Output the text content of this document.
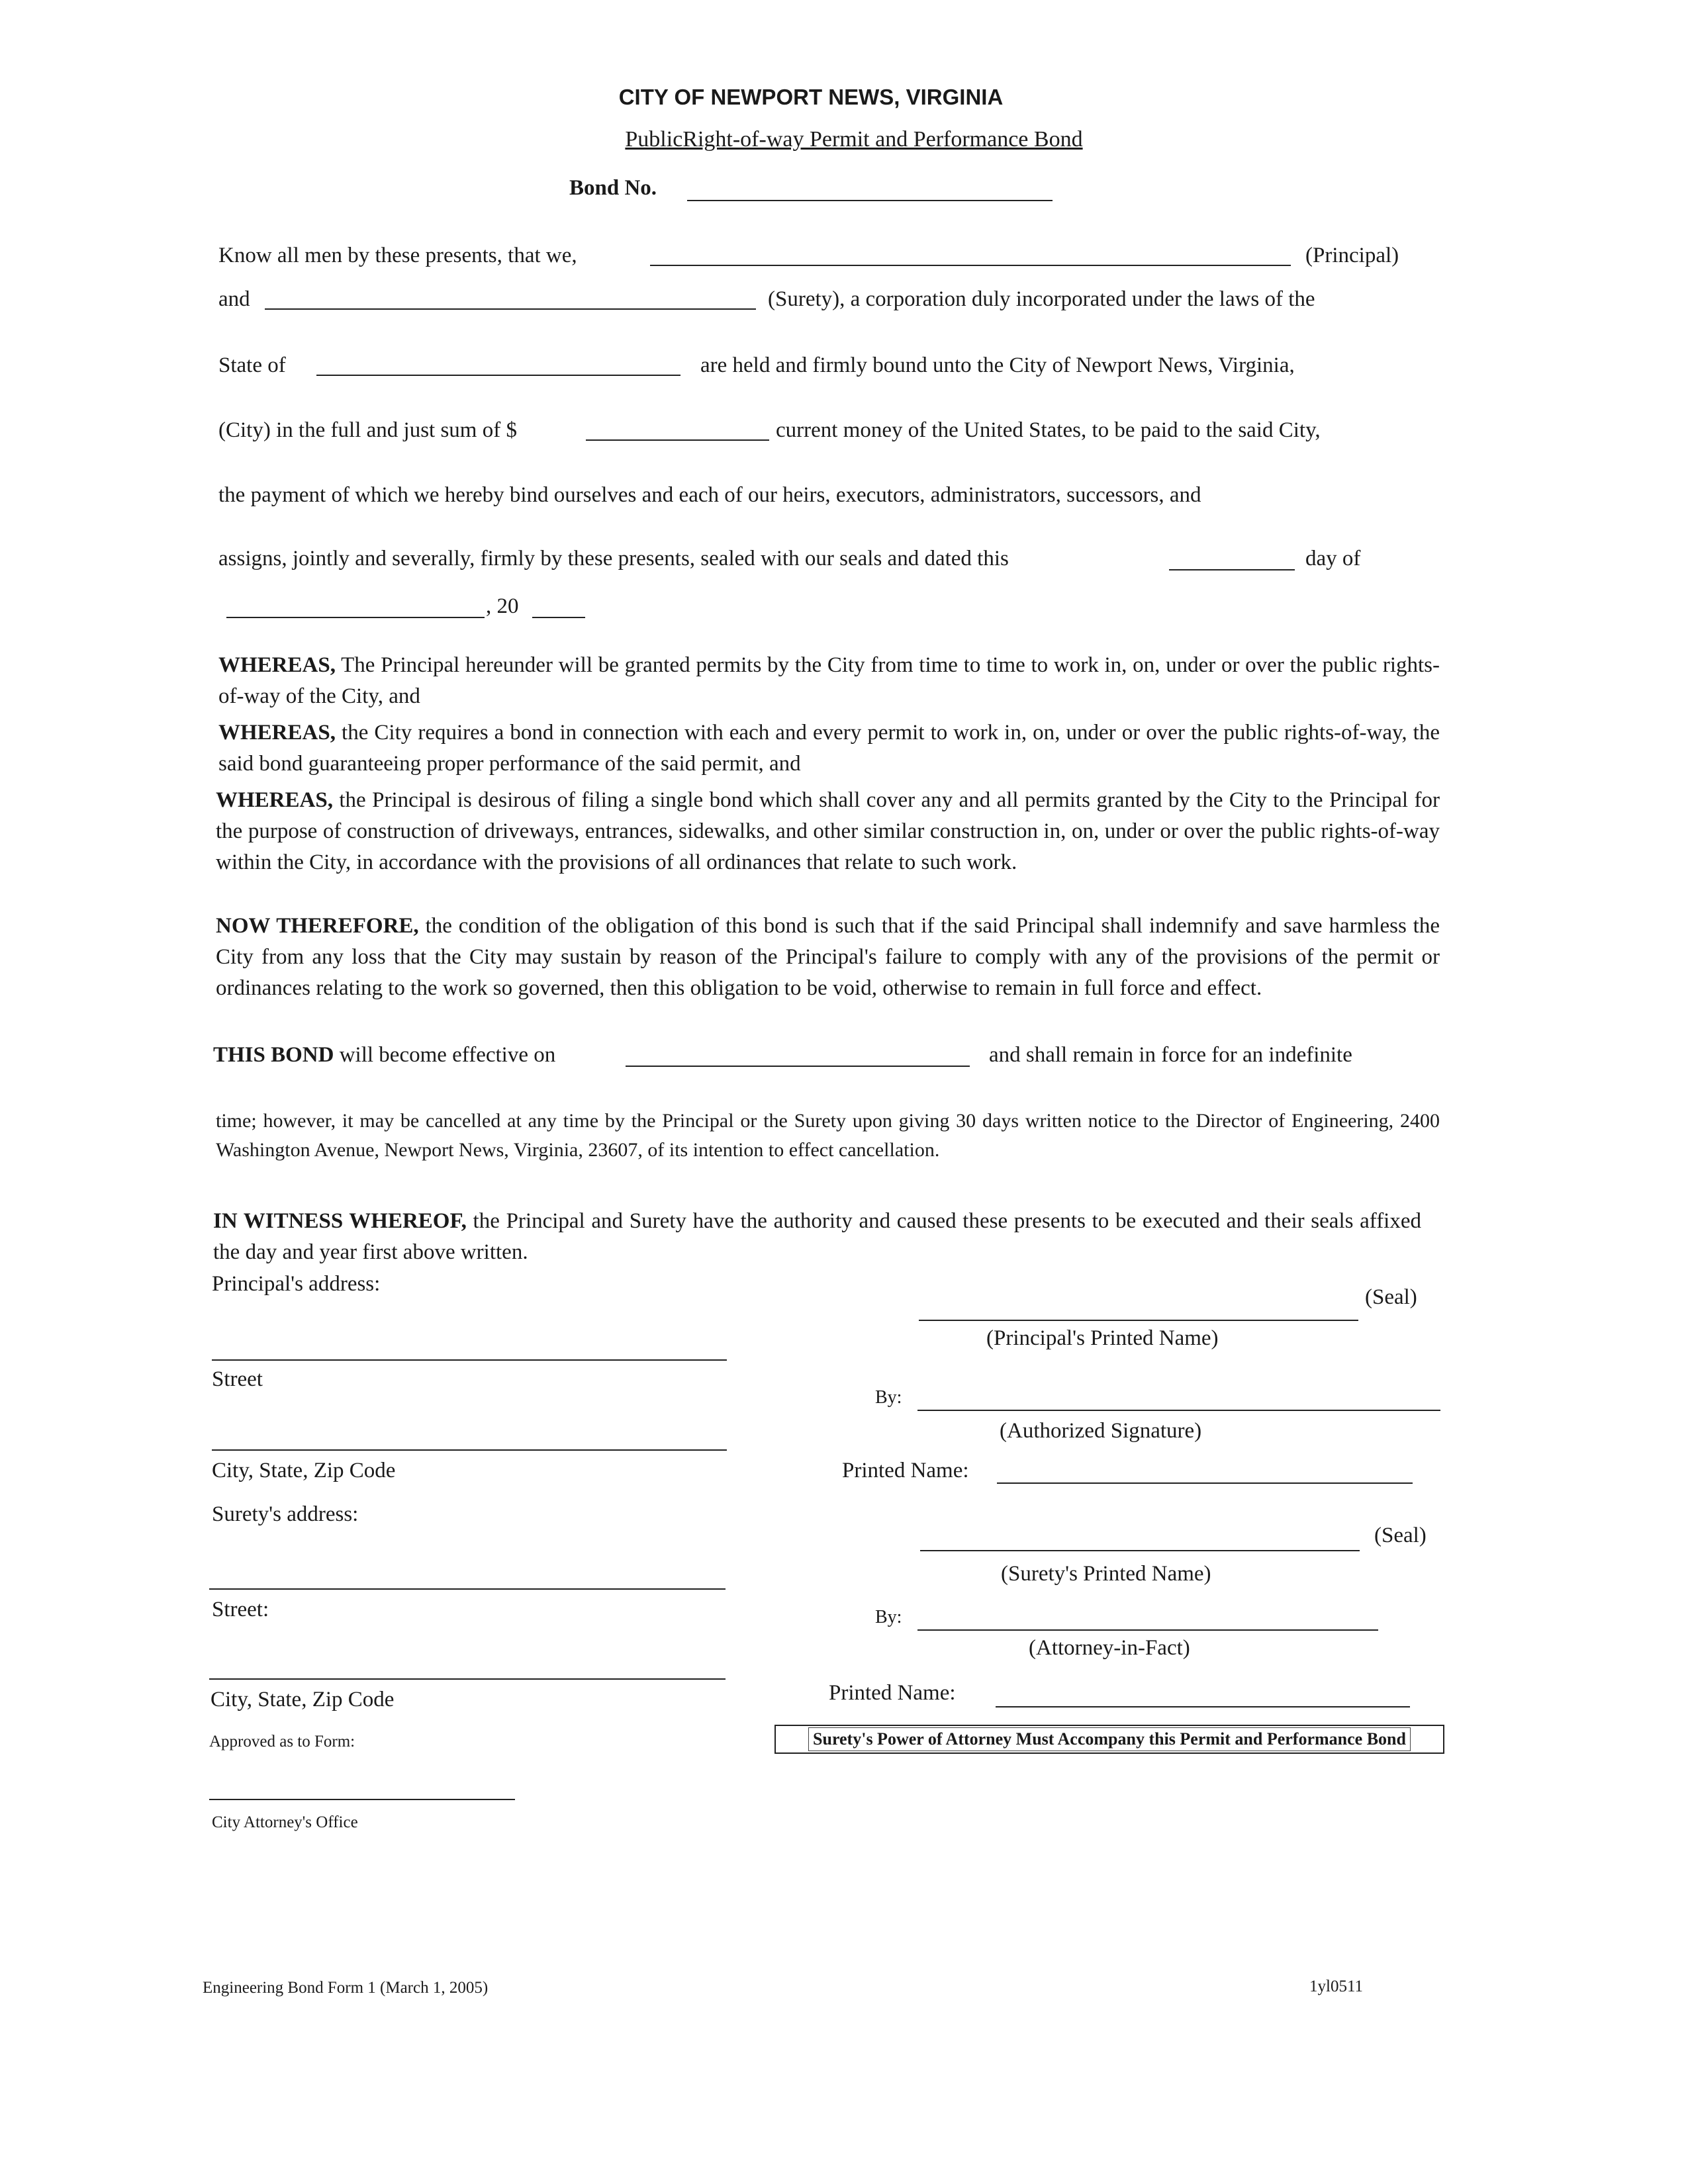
CITY OF NEWPORT NEWS, VIRGINIA
PublicRight-of-way Permit and Performance Bond
Bond No.
Know all men by these presents, that we,	(Principal)
and	(Surety), a corporation duly incorporated under the laws of the
State of	are held and firmly bound unto the City of Newport News, Virginia,
(City) in the full and just sum of $	current money of the United States, to be paid to the said City,
the payment of which we hereby bind ourselves and each of our heirs, executors, administrators, successors, and
assigns, jointly and severally, firmly by these presents, sealed with our seals and dated this	day of
, 20
WHEREAS, The Principal hereunder will be granted permits by the City from time to time to work in, on, under or over the public rights-of-way of the City, and
WHEREAS, the City requires a bond in connection with each and every permit to work in, on, under or over the public rights-of-way, the said bond guaranteeing proper performance of the said permit, and
WHEREAS, the Principal is desirous of filing a single bond which shall cover any and all permits granted by the City to the Principal for the purpose of construction of driveways, entrances, sidewalks, and other similar construction in, on, under or over the public rights-of-way within the City, in accordance with the provisions of all ordinances that relate to such work.
NOW THEREFORE, the condition of the obligation of this bond is such that if the said Principal shall indemnify and save harmless the City from any loss that the City may sustain by reason of the Principal's failure to comply with any of the provisions of the permit or ordinances relating to the work so governed, then this obligation to be void, otherwise to remain in full force and effect.
THIS BOND will become effective on	and shall remain in force for an indefinite
time; however, it may be cancelled at any time by the Principal or the Surety upon giving 30 days written notice to the Director of Engineering, 2400 Washington Avenue, Newport News, Virginia, 23607, of its intention to effect cancellation.
IN WITNESS WHEREOF, the Principal and Surety have the authority and caused these presents to be executed and their seals affixed the day and year first above written.
Principal's address:
Street
City, State, Zip Code
Surety's address:
Street:
City, State, Zip Code
Approved as to Form:
City Attorney's Office
(Seal)
(Principal's Printed Name)
By:
(Authorized Signature)
Printed Name:
(Seal)
(Surety's Printed Name)
By:
(Attorney-in-Fact)
Printed Name:
Surety's Power of Attorney Must Accompany this Permit and Performance Bond
Engineering Bond Form 1 (March 1, 2005)	1yl0511
